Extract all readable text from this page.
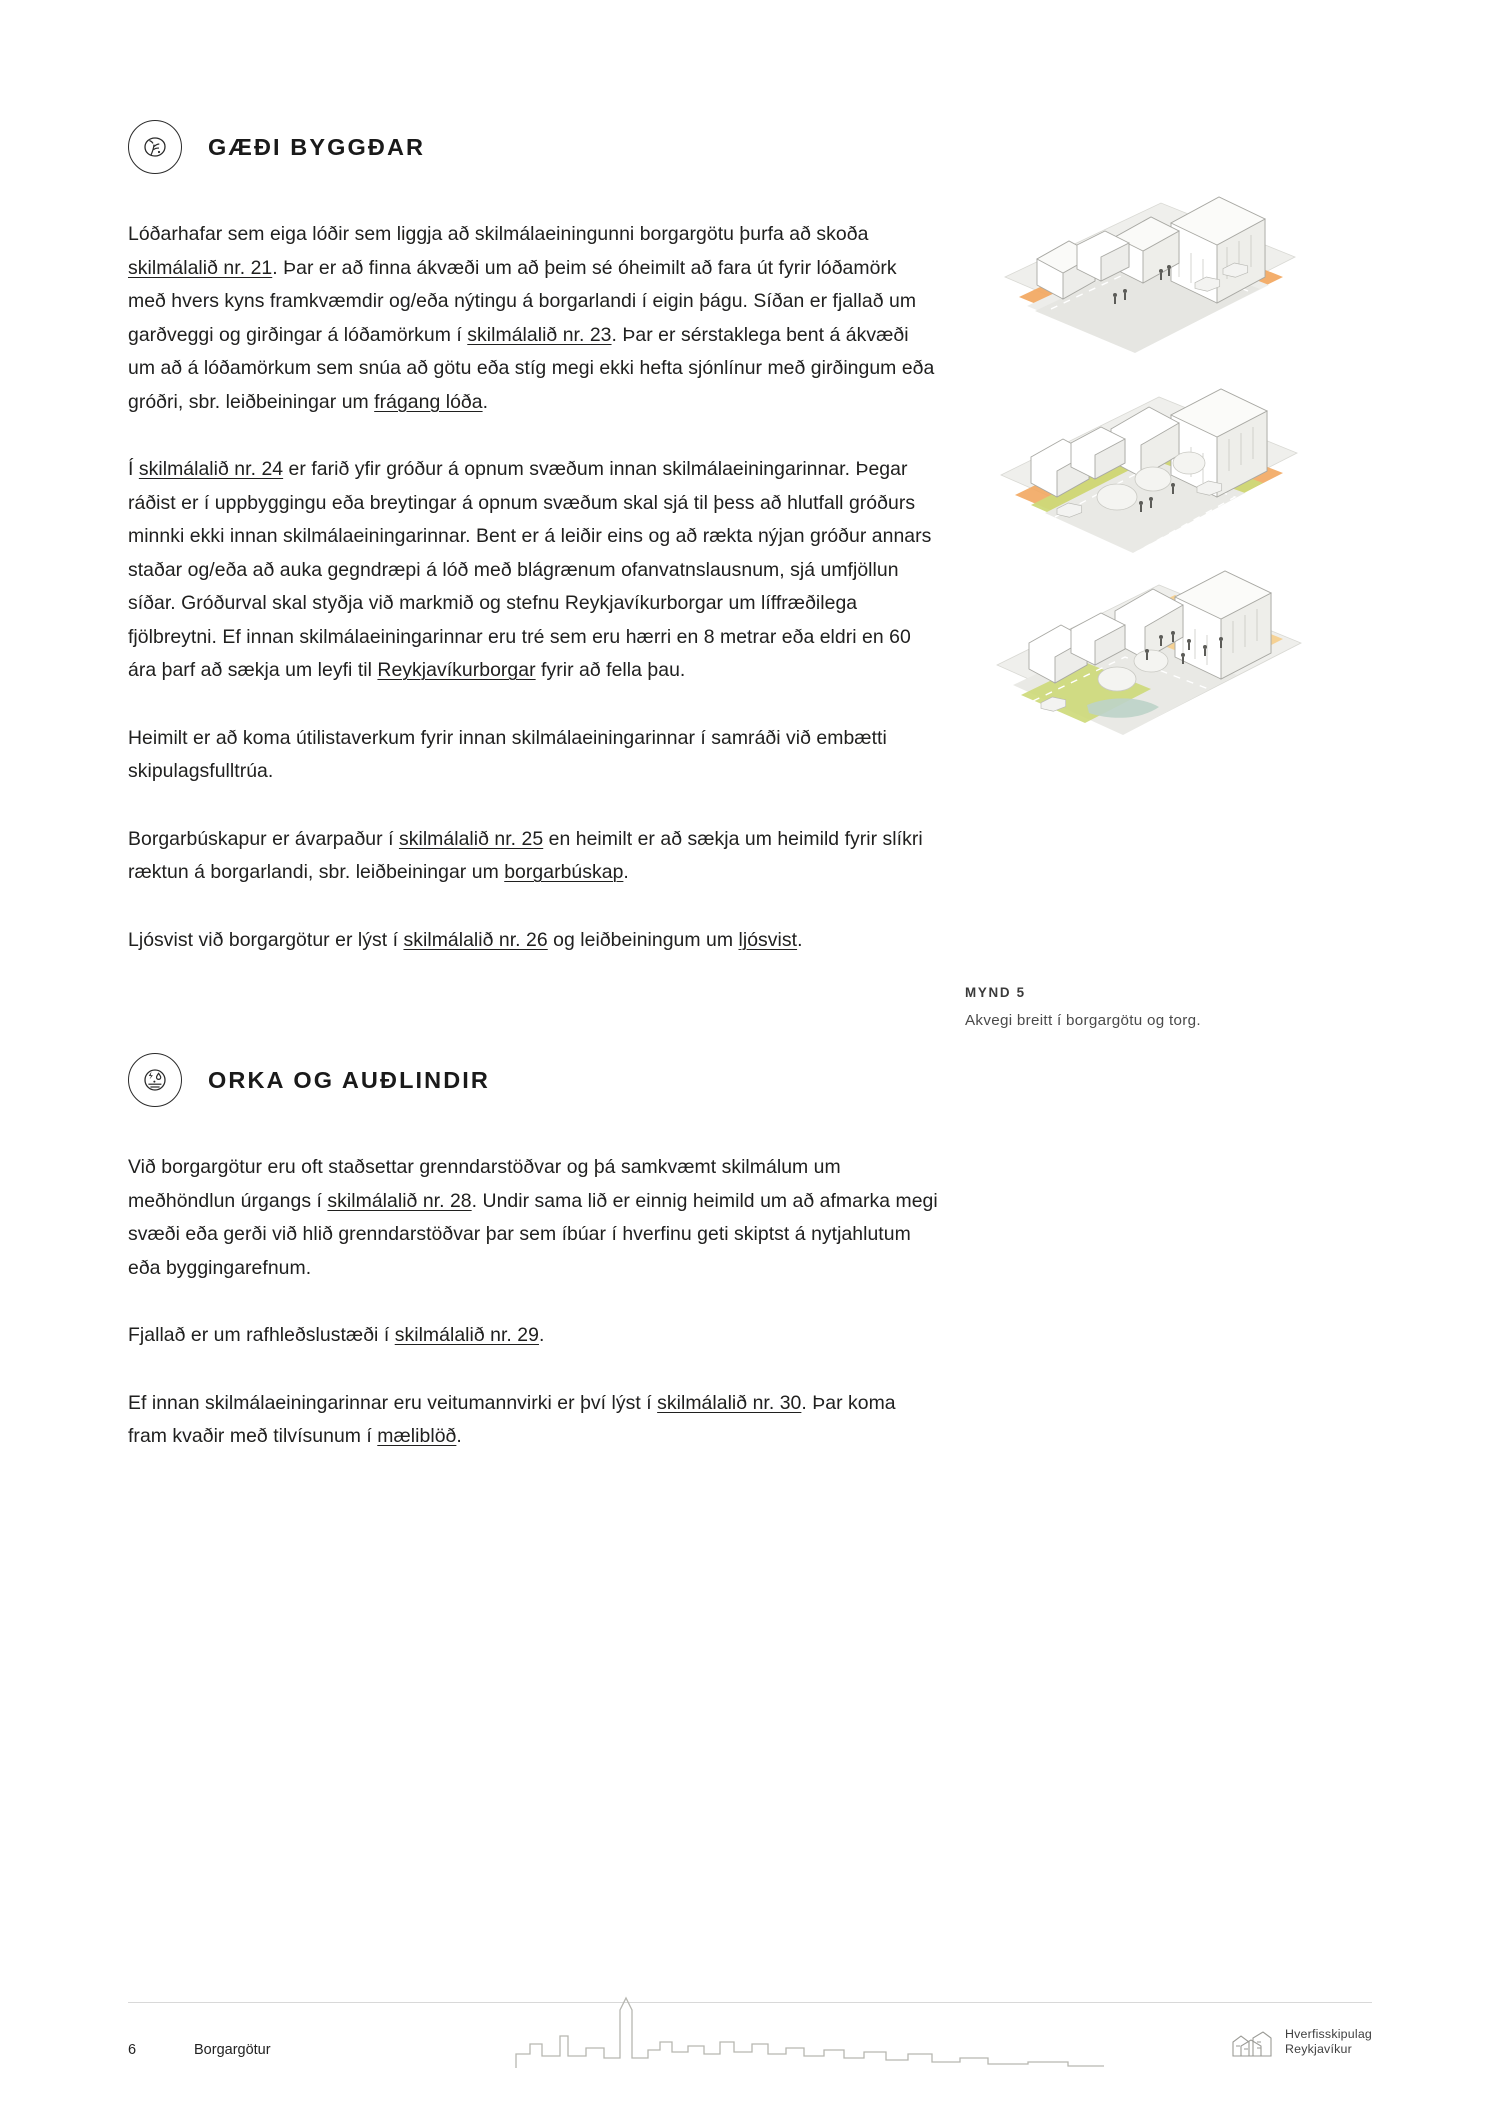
GÆÐI BYGGÐAR

Lóðarhafar sem eiga lóðir sem liggja að skilmálaeiningunni borgargötu þurfa að skoða skilmálalið nr. 21. Þar er að finna ákvæði um að þeim sé óheimilt að fara út fyrir lóðamörk með hvers kyns framkvæmdir og/eða nýtingu á borgarlandi í eigin þágu. Síðan er fjallað um garðveggi og girðingar á lóðamörkum í skilmálalið nr. 23. Þar er sérstaklega bent á ákvæði um að á lóðamörkum sem snúa að götu eða stíg megi ekki hefta sjónlínur með girðingum eða gróðri, sbr. leiðbeiningar um frágang lóða.

Í skilmálalið nr. 24 er farið yfir gróður á opnum svæðum innan skilmálaeiningarinnar. Þegar ráðist er í uppbyggingu eða breytingar á opnum svæðum skal sjá til þess að hlutfall gróðurs minnki ekki innan skilmálaeiningarinnar. Bent er á leiðir eins og að rækta nýjan gróður annars staðar og/eða að auka gegndræpi á lóð með blágrænum ofanvatnslausnum, sjá umfjöllun síðar. Gróðurval skal styðja við markmið og stefnu Reykjavíkurborgar um líffræðilega fjölbreytni. Ef innan skilmálaeiningarinnar eru tré sem eru hærri en 8 metrar eða eldri en 60 ára þarf að sækja um leyfi til Reykjavíkurborgar fyrir að fella þau.

Heimilt er að koma útilistaverkum fyrir innan skilmálaeiningarinnar í samráði við embætti skipulagsfulltrúa.

Borgarbúskapur er ávarpaður í skilmálalið nr. 25 en heimilt er að sækja um heimild fyrir slíkri ræktun á borgarlandi, sbr. leiðbeiningar um borgarbúskap.

Ljósvist við borgargötur er lýst í skilmálalið nr. 26 og leiðbeiningum um ljósvist.

ORKA OG AUÐLINDIR

Við borgargötur eru oft staðsettar grenndarstöðvar og þá samkvæmt skilmálum um meðhöndlun úrgangs í skilmálalið nr. 28. Undir sama lið er einnig heimild um að afmarka megi svæði eða gerði við hlið grenndarstöðvar þar sem íbúar í hverfinu geti skiptst á nytjahlutum eða byggingarefnum.

Fjallað er um rafhleðslustæði í skilmálalið nr. 29.

Ef innan skilmálaeiningarinnar eru veitumannvirki er því lýst í skilmálalið nr. 30. Þar koma fram kvaðir með tilvísunum í mæliblöð.

MYND 5
Akvegi breitt í borgargötu og torg.
6	Borgargötur
Hverfisskipulag
Reykjavíkur
